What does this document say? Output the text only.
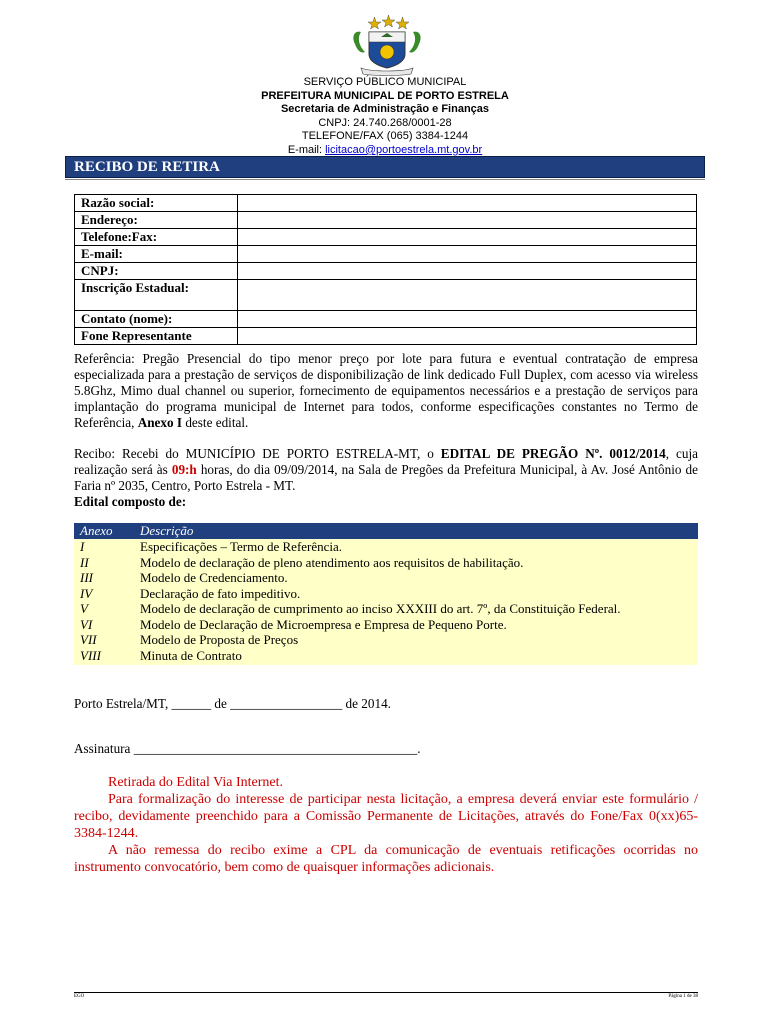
SERVIÇO PÚBLICO MUNICIPAL
PREFEITURA MUNICIPAL DE PORTO ESTRELA
Secretaria de Administração e Finanças
CNPJ: 24.740.268/0001-28
TELEFONE/FAX (065) 3384-1244
E-mail: licitacao@portoestrela.mt.gov.br
RECIBO DE RETIRA
Razão social:	
Endereço:	
Telefone:Fax:	
E-mail:	
CNPJ:	
Inscrição Estadual:	
Contato (nome):	
Fone Representante	
Referência: Pregão Presencial do tipo menor preço por lote para futura e eventual contratação de empresa especializada para a prestação de serviços de disponibilização de link dedicado Full Duplex, com acesso via wireless 5.8Ghz, Mimo dual channel ou superior, fornecimento de equipamentos necessários e a prestação de serviços para implantação do programa municipal de Internet para todos, conforme especificações constantes no Termo de Referência, Anexo I deste edital.
Recibo: Recebi do MUNICÍPIO DE PORTO ESTRELA-MT, o EDITAL DE PREGÃO Nº. 0012/2014, cuja realização será às 09:h horas, do dia 09/09/2014, na Sala de Pregões da Prefeitura Municipal, à Av. José Antônio de Faria nº 2035, Centro, Porto Estrela - MT.
Edital composto de:
Anexo	Descrição
I	Especificações – Termo de Referência.
II	Modelo de declaração de pleno atendimento aos requisitos de habilitação.
III	Modelo de Credenciamento.
IV	Declaração de fato impeditivo.
V	Modelo de declaração de cumprimento ao inciso XXXIII do art. 7º, da Constituição Federal.
VI	Modelo de Declaração de Microempresa e Empresa de Pequeno Porte.
VII	Modelo de Proposta de Preços
VIII	Minuta de Contrato
Porto Estrela/MT, ______ de _________________ de 2014.
Assinatura ___________________________________________.
Retirada do Edital Via Internet.
Para formalização do interesse de participar nesta licitação, a empresa deverá enviar este formulário / recibo, devidamente preenchido para a Comissão Permanente de Licitações, através do Fone/Fax 0(xx)65-3384-1244.
A não remessa do recibo exime a CPL da comunicação de eventuais retificações ocorridas no instrumento convocatório, bem como de quaisquer informações adicionais.
EGO	Página 1 de 38
